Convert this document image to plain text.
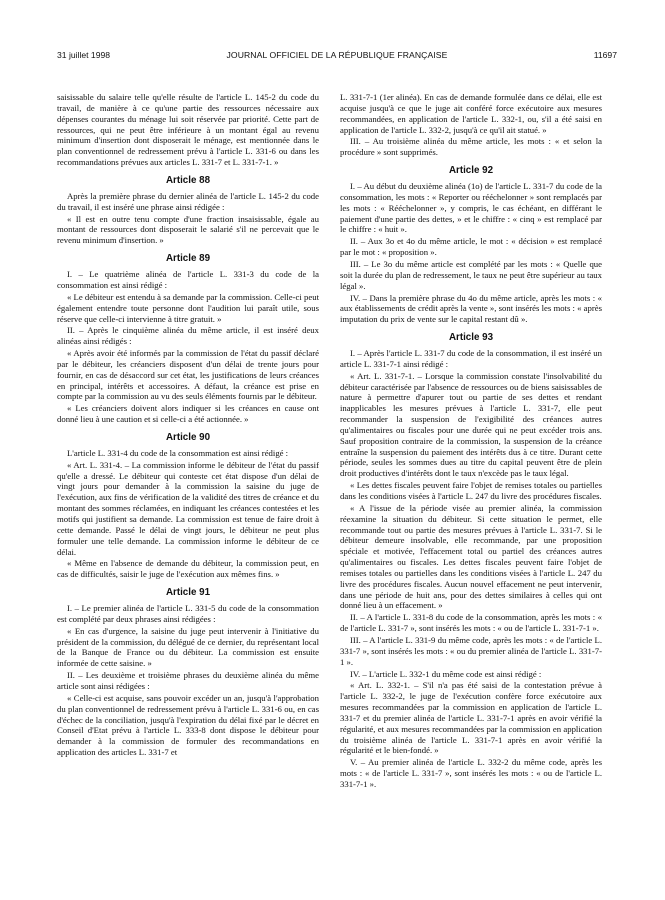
31 juillet 1998	JOURNAL OFFICIEL DE LA RÉPUBLIQUE FRANÇAISE	11697

saisissable du salaire telle qu'elle résulte de l'article L. 145-2 du code du travail, de manière à ce qu'une partie des ressources nécessaire aux dépenses courantes du ménage lui soit réservée par priorité. Cette part de ressources, qui ne peut être inférieure à un montant égal au revenu minimum d'insertion dont disposerait le ménage, est mentionnée dans le plan conventionnel de redressement prévu à l'article L. 331-6 ou dans les recommandations prévues aux articles L. 331-7 et L. 331-7-1. »

Article 88

Après la première phrase du dernier alinéa de l'article L. 145-2 du code du travail, il est inséré une phrase ainsi rédigée :

« Il est en outre tenu compte d'une fraction insaisissable, égale au montant de ressources dont disposerait le salarié s'il ne percevait que le revenu minimum d'insertion. »

Article 89

I. – Le quatrième alinéa de l'article L. 331-3 du code de la consommation est ainsi rédigé :

« Le débiteur est entendu à sa demande par la commission. Celle-ci peut également entendre toute personne dont l'audition lui paraît utile, sous réserve que celle-ci intervienne à titre gratuit. »

II. – Après le cinquième alinéa du même article, il est inséré deux alinéas ainsi rédigés :

« Après avoir été informés par la commission de l'état du passif déclaré par le débiteur, les créanciers disposent d'un délai de trente jours pour fournir, en cas de désaccord sur cet état, les justifications de leurs créances en principal, intérêts et accessoires. A défaut, la créance est prise en compte par la commission au vu des seuls éléments fournis par le débiteur.

« Les créanciers doivent alors indiquer si les créances en cause ont donné lieu à une caution et si celle-ci a été actionnée. »

Article 90

L'article L. 331-4 du code de la consommation est ainsi rédigé :

« Art. L. 331-4. – La commission informe le débiteur de l'état du passif qu'elle a dressé. Le débiteur qui conteste cet état dispose d'un délai de vingt jours pour demander à la commission la saisine du juge de l'exécution, aux fins de vérification de la validité des titres de créance et du montant des sommes réclamées, en indiquant les créances contestées et les motifs qui justifient sa demande. La commission est tenue de faire droit à cette demande. Passé le délai de vingt jours, le débiteur ne peut plus formuler une telle demande. La commission informe le débiteur de ce délai.

« Même en l'absence de demande du débiteur, la commission peut, en cas de difficultés, saisir le juge de l'exécution aux mêmes fins. »

Article 91

I. – Le premier alinéa de l'article L. 331-5 du code de la consommation est complété par deux phrases ainsi rédigées :

« En cas d'urgence, la saisine du juge peut intervenir à l'initiative du président de la commission, du délégué de ce dernier, du représentant local de la Banque de France ou du débiteur. La commission est ensuite informée de cette saisine. »

II. – Les deuxième et troisième phrases du deuxième alinéa du même article sont ainsi rédigées :

« Celle-ci est acquise, sans pouvoir excéder un an, jusqu'à l'approbation du plan conventionnel de redressement prévu à l'article L. 331-6 ou, en cas d'échec de la conciliation, jusqu'à l'expiration du délai fixé par le décret en Conseil d'Etat prévu à l'article L. 333-8 dont dispose le débiteur pour demander à la commission de formuler des recommandations en application des articles L. 331-7 et

L. 331-7-1 (1er alinéa). En cas de demande formulée dans ce délai, elle est acquise jusqu'à ce que le juge ait conféré force exécutoire aux mesures recommandées, en application de l'article L. 332-1, ou, s'il a été saisi en application de l'article L. 332-2, jusqu'à ce qu'il ait statué. »

III. – Au troisième alinéa du même article, les mots : « et selon la procédure » sont supprimés.

Article 92

I. – Au début du deuxième alinéa (1o) de l'article L. 331-7 du code de la consommation, les mots : « Reporter ou rééchelonner » sont remplacés par les mots : « Rééchelonner », y compris, le cas échéant, en différant le paiement d'une partie des dettes, » et le chiffre : « cinq » est remplacé par le chiffre : « huit ».

II. – Aux 3o et 4o du même article, le mot : « décision » est remplacé par le mot : « proposition ».

III. – Le 3o du même article est complété par les mots : « Quelle que soit la durée du plan de redressement, le taux ne peut être supérieur au taux légal ».

IV. – Dans la première phrase du 4o du même article, après les mots : « aux établissements de crédit après la vente », sont insérés les mots : « après imputation du prix de vente sur le capital restant dû ».

Article 93

I. – Après l'article L. 331-7 du code de la consommation, il est inséré un article L. 331-7-1 ainsi rédigé :

« Art. L. 331-7-1. – Lorsque la commission constate l'insolvabilité du débiteur caractérisée par l'absence de ressources ou de biens saisissables de nature à permettre d'apurer tout ou partie de ses dettes et rendant inapplicables les mesures prévues à l'article L. 331-7, elle peut recommander la suspension de l'exigibilité des créances autres qu'alimentaires ou fiscales pour une durée qui ne peut excéder trois ans. Sauf proposition contraire de la commission, la suspension de la créance entraîne la suspension du paiement des intérêts dus à ce titre. Durant cette période, seules les sommes dues au titre du capital peuvent être de plein droit productives d'intérêts dont le taux n'excède pas le taux légal.

« Les dettes fiscales peuvent faire l'objet de remises totales ou partielles dans les conditions visées à l'article L. 247 du livre des procédures fiscales.

« A l'issue de la période visée au premier alinéa, la commission réexamine la situation du débiteur. Si cette situation le permet, elle recommande tout ou partie des mesures prévues à l'article L. 331-7. Si le débiteur demeure insolvable, elle recommande, par une proposition spéciale et motivée, l'effacement total ou partiel des créances autres qu'alimentaires ou fiscales. Les dettes fiscales peuvent faire l'objet de remises totales ou partielles dans les conditions visées à l'article L. 247 du livre des procédures fiscales. Aucun nouvel effacement ne peut intervenir, dans une période de huit ans, pour des dettes similaires à celles qui ont donné lieu à un effacement. »

II. – A l'article L. 331-8 du code de la consommation, après les mots : « de l'article L. 331-7 », sont insérés les mots : « ou de l'article L. 331-7-1 ».

III. – A l'article L. 331-9 du même code, après les mots : « de l'article L. 331-7 », sont insérés les mots : « ou du premier alinéa de l'article L. 331-7-1 ».

IV. – L'article L. 332-1 du même code est ainsi rédigé :

« Art. L. 332-1. – S'il n'a pas été saisi de la contestation prévue à l'article L. 332-2, le juge de l'exécution confère force exécutoire aux mesures recommandées par la commission en application de l'article L. 331-7 et du premier alinéa de l'article L. 331-7-1 après en avoir vérifié la régularité, et aux mesures recommandées par la commission en application du troisième alinéa de l'article L. 331-7-1 après en avoir vérifié la régularité et le bien-fondé. »

V. – Au premier alinéa de l'article L. 332-2 du même code, après les mots : « de l'article L. 331-7 », sont insérés les mots : « ou de l'article L. 331-7-1 ».
